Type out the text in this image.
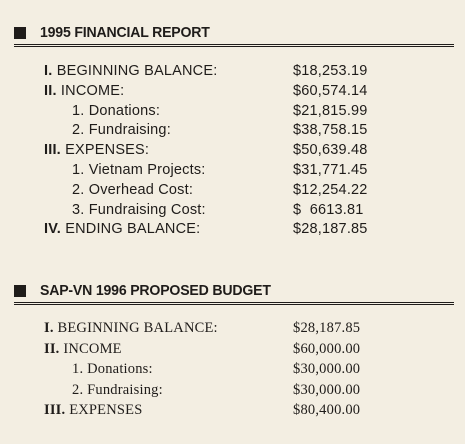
1995 FINANCIAL REPORT
I. BEGINNING BALANCE:	$18,253.19
II. INCOME:	$60,574.14
1. Donations:	$21,815.99
2. Fundraising:	$38,758.15
III. EXPENSES:	$50,639.48
1. Vietnam Projects:	$31,771.45
2. Overhead Cost:	$12,254.22
3. Fundraising Cost:	$  6613.81
IV. ENDING BALANCE:	$28,187.85
SAP-VN 1996 PROPOSED BUDGET
I. BEGINNING BALANCE:	$28,187.85
II. INCOME	$60,000.00
1. Donations:	$30,000.00
2. Fundraising:	$30,000.00
III. EXPENSES	$80,400.00
